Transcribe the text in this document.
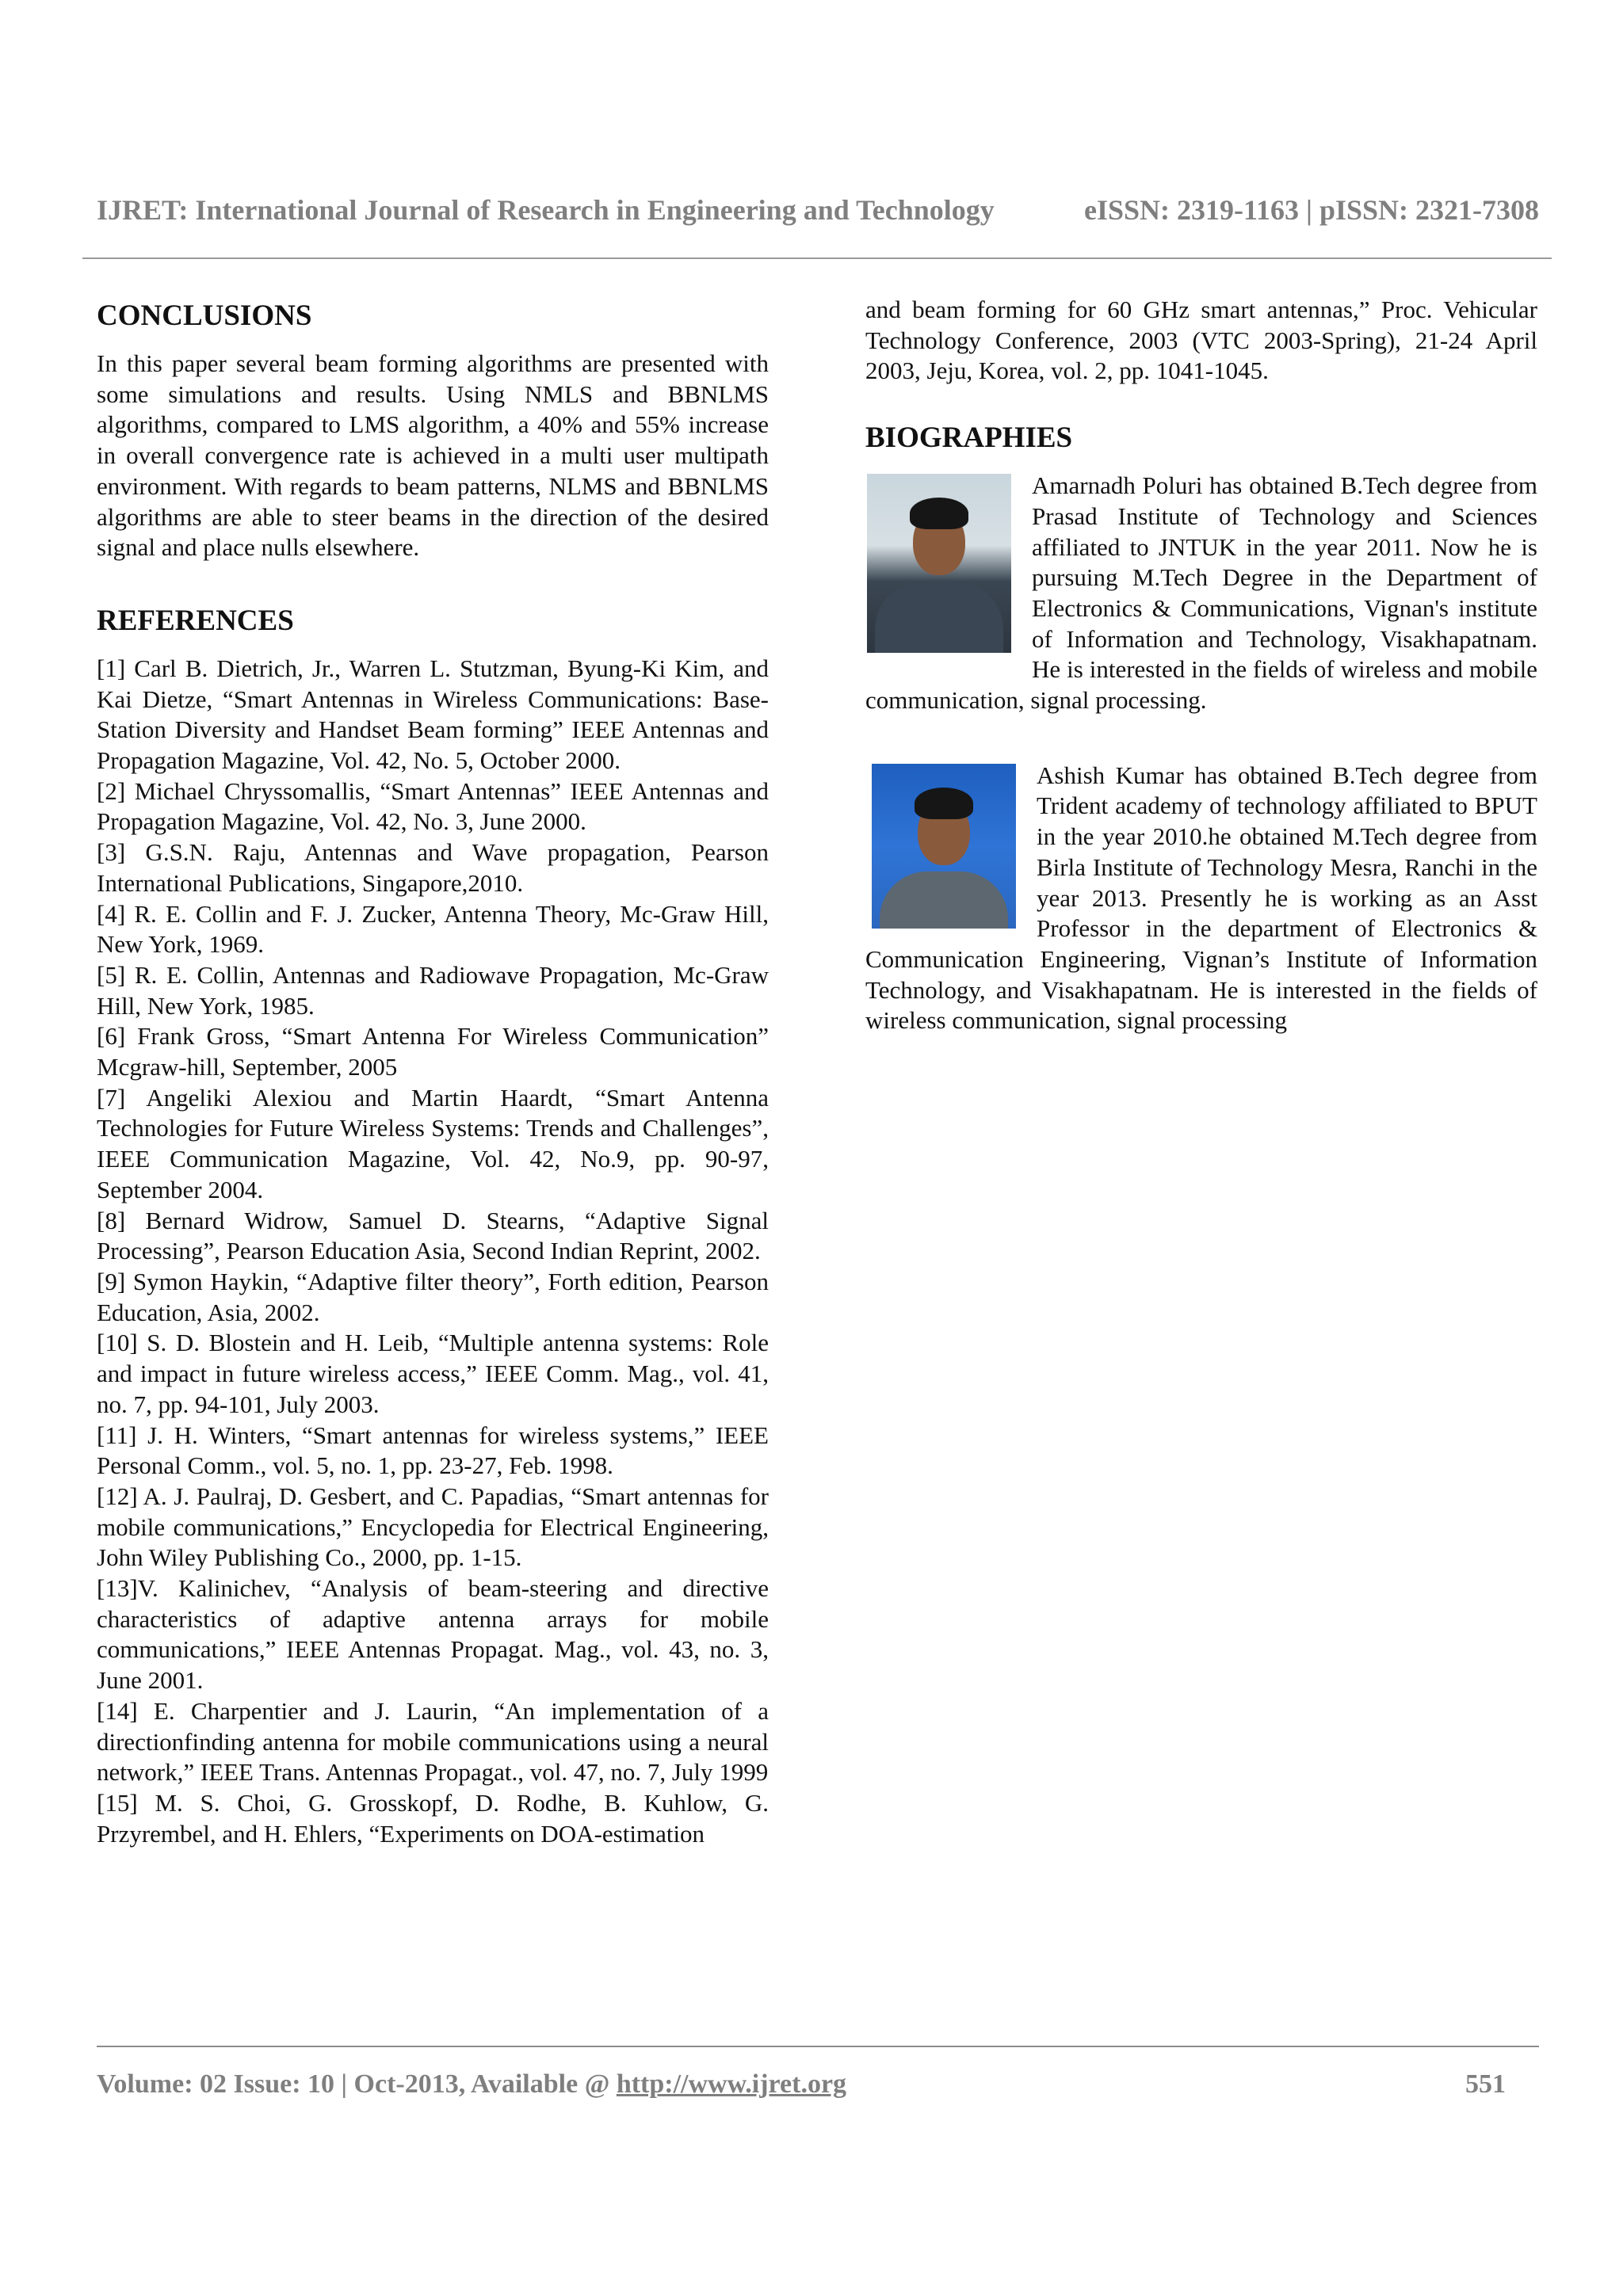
IJRET: International Journal of Research in Engineering and Technology	eISSN: 2319-1163 | pISSN: 2321-7308
CONCLUSIONS

In this paper several beam forming algorithms are presented with some simulations and results. Using NMLS and BBNLMS algorithms, compared to LMS algorithm, a 40% and 55% increase in overall convergence rate is achieved in a multi user multipath environment. With regards to beam patterns, NLMS and BBNLMS algorithms are able to steer beams in the direction of the desired signal and place nulls elsewhere.

REFERENCES

[1] Carl B. Dietrich, Jr., Warren L. Stutzman, Byung-Ki Kim, and Kai Dietze, “Smart Antennas in Wireless Communications: Base- Station Diversity and Handset Beam forming” IEEE Antennas and Propagation Magazine, Vol. 42, No. 5, October 2000.

[2] Michael Chryssomallis, “Smart Antennas” IEEE Antennas and Propagation Magazine, Vol. 42, No. 3, June 2000.

[3] G.S.N. Raju, Antennas and Wave propagation, Pearson International Publications, Singapore,2010.

[4] R. E. Collin and F. J. Zucker, Antenna Theory, Mc-Graw Hill, New York, 1969.

[5] R. E. Collin, Antennas and Radiowave Propagation, Mc-Graw Hill, New York, 1985.

[6] Frank Gross, “Smart Antenna For Wireless Communication” Mcgraw-hill, September, 2005

[7] Angeliki Alexiou and Martin Haardt, “Smart Antenna Technologies for Future Wireless Systems: Trends and Challenges”, IEEE Communication Magazine, Vol. 42, No.9, pp. 90-97, September 2004.

[8] Bernard Widrow, Samuel D. Stearns, “Adaptive Signal Processing”, Pearson Education Asia, Second Indian Reprint, 2002.

[9] Symon Haykin, “Adaptive filter theory”, Forth edition, Pearson Education, Asia, 2002.

[10] S. D. Blostein and H. Leib, “Multiple antenna systems: Role and impact in future wireless access,” IEEE Comm. Mag., vol. 41, no. 7, pp. 94-101, July 2003.

[11] J. H. Winters, “Smart antennas for wireless systems,” IEEE Personal Comm., vol. 5, no. 1, pp. 23-27, Feb. 1998.

[12] A. J. Paulraj, D. Gesbert, and C. Papadias, “Smart antennas for mobile communications,” Encyclopedia for Electrical Engineering, John Wiley Publishing Co., 2000, pp. 1-15.

[13]V. Kalinichev, “Analysis of beam-steering and directive characteristics of adaptive antenna arrays for mobile communications,” IEEE Antennas Propagat. Mag., vol. 43, no. 3, June 2001.

[14] E. Charpentier and J. Laurin, “An implementation of a directionfinding antenna for mobile communications using a neural network,” IEEE Trans. Antennas Propagat., vol. 47, no. 7, July 1999

[15] M. S. Choi, G. Grosskopf, D. Rodhe, B. Kuhlow, G. Przyrembel, and H. Ehlers, “Experiments on DOA-estimation

and beam forming for 60 GHz smart antennas,” Proc. Vehicular Technology Conference, 2003 (VTC 2003-Spring), 21-24 April 2003, Jeju, Korea, vol. 2, pp. 1041-1045.

BIOGRAPHIES

Amarnadh Poluri has obtained B.Tech degree from Prasad Institute of Technology and Sciences affiliated to JNTUK in the year 2011. Now he is pursuing M.Tech Degree in the Department of Electronics & Communications, Vignan's institute of Information and Technology, Visakhapatnam. He is interested in the fields of wireless and mobile communication, signal processing.

Ashish Kumar has obtained B.Tech degree from Trident academy of technology affiliated to BPUT in the year 2010.he obtained M.Tech degree from Birla Institute of Technology Mesra, Ranchi in the year 2013. Presently he is working as an Asst Professor in the department of Electronics & Communication Engineering, Vignan’s Institute of Information Technology, and Visakhapatnam. He is interested in the fields of wireless communication, signal processing

Volume: 02 Issue: 10 | Oct-2013, Available @ http://www.ijret.org	551
